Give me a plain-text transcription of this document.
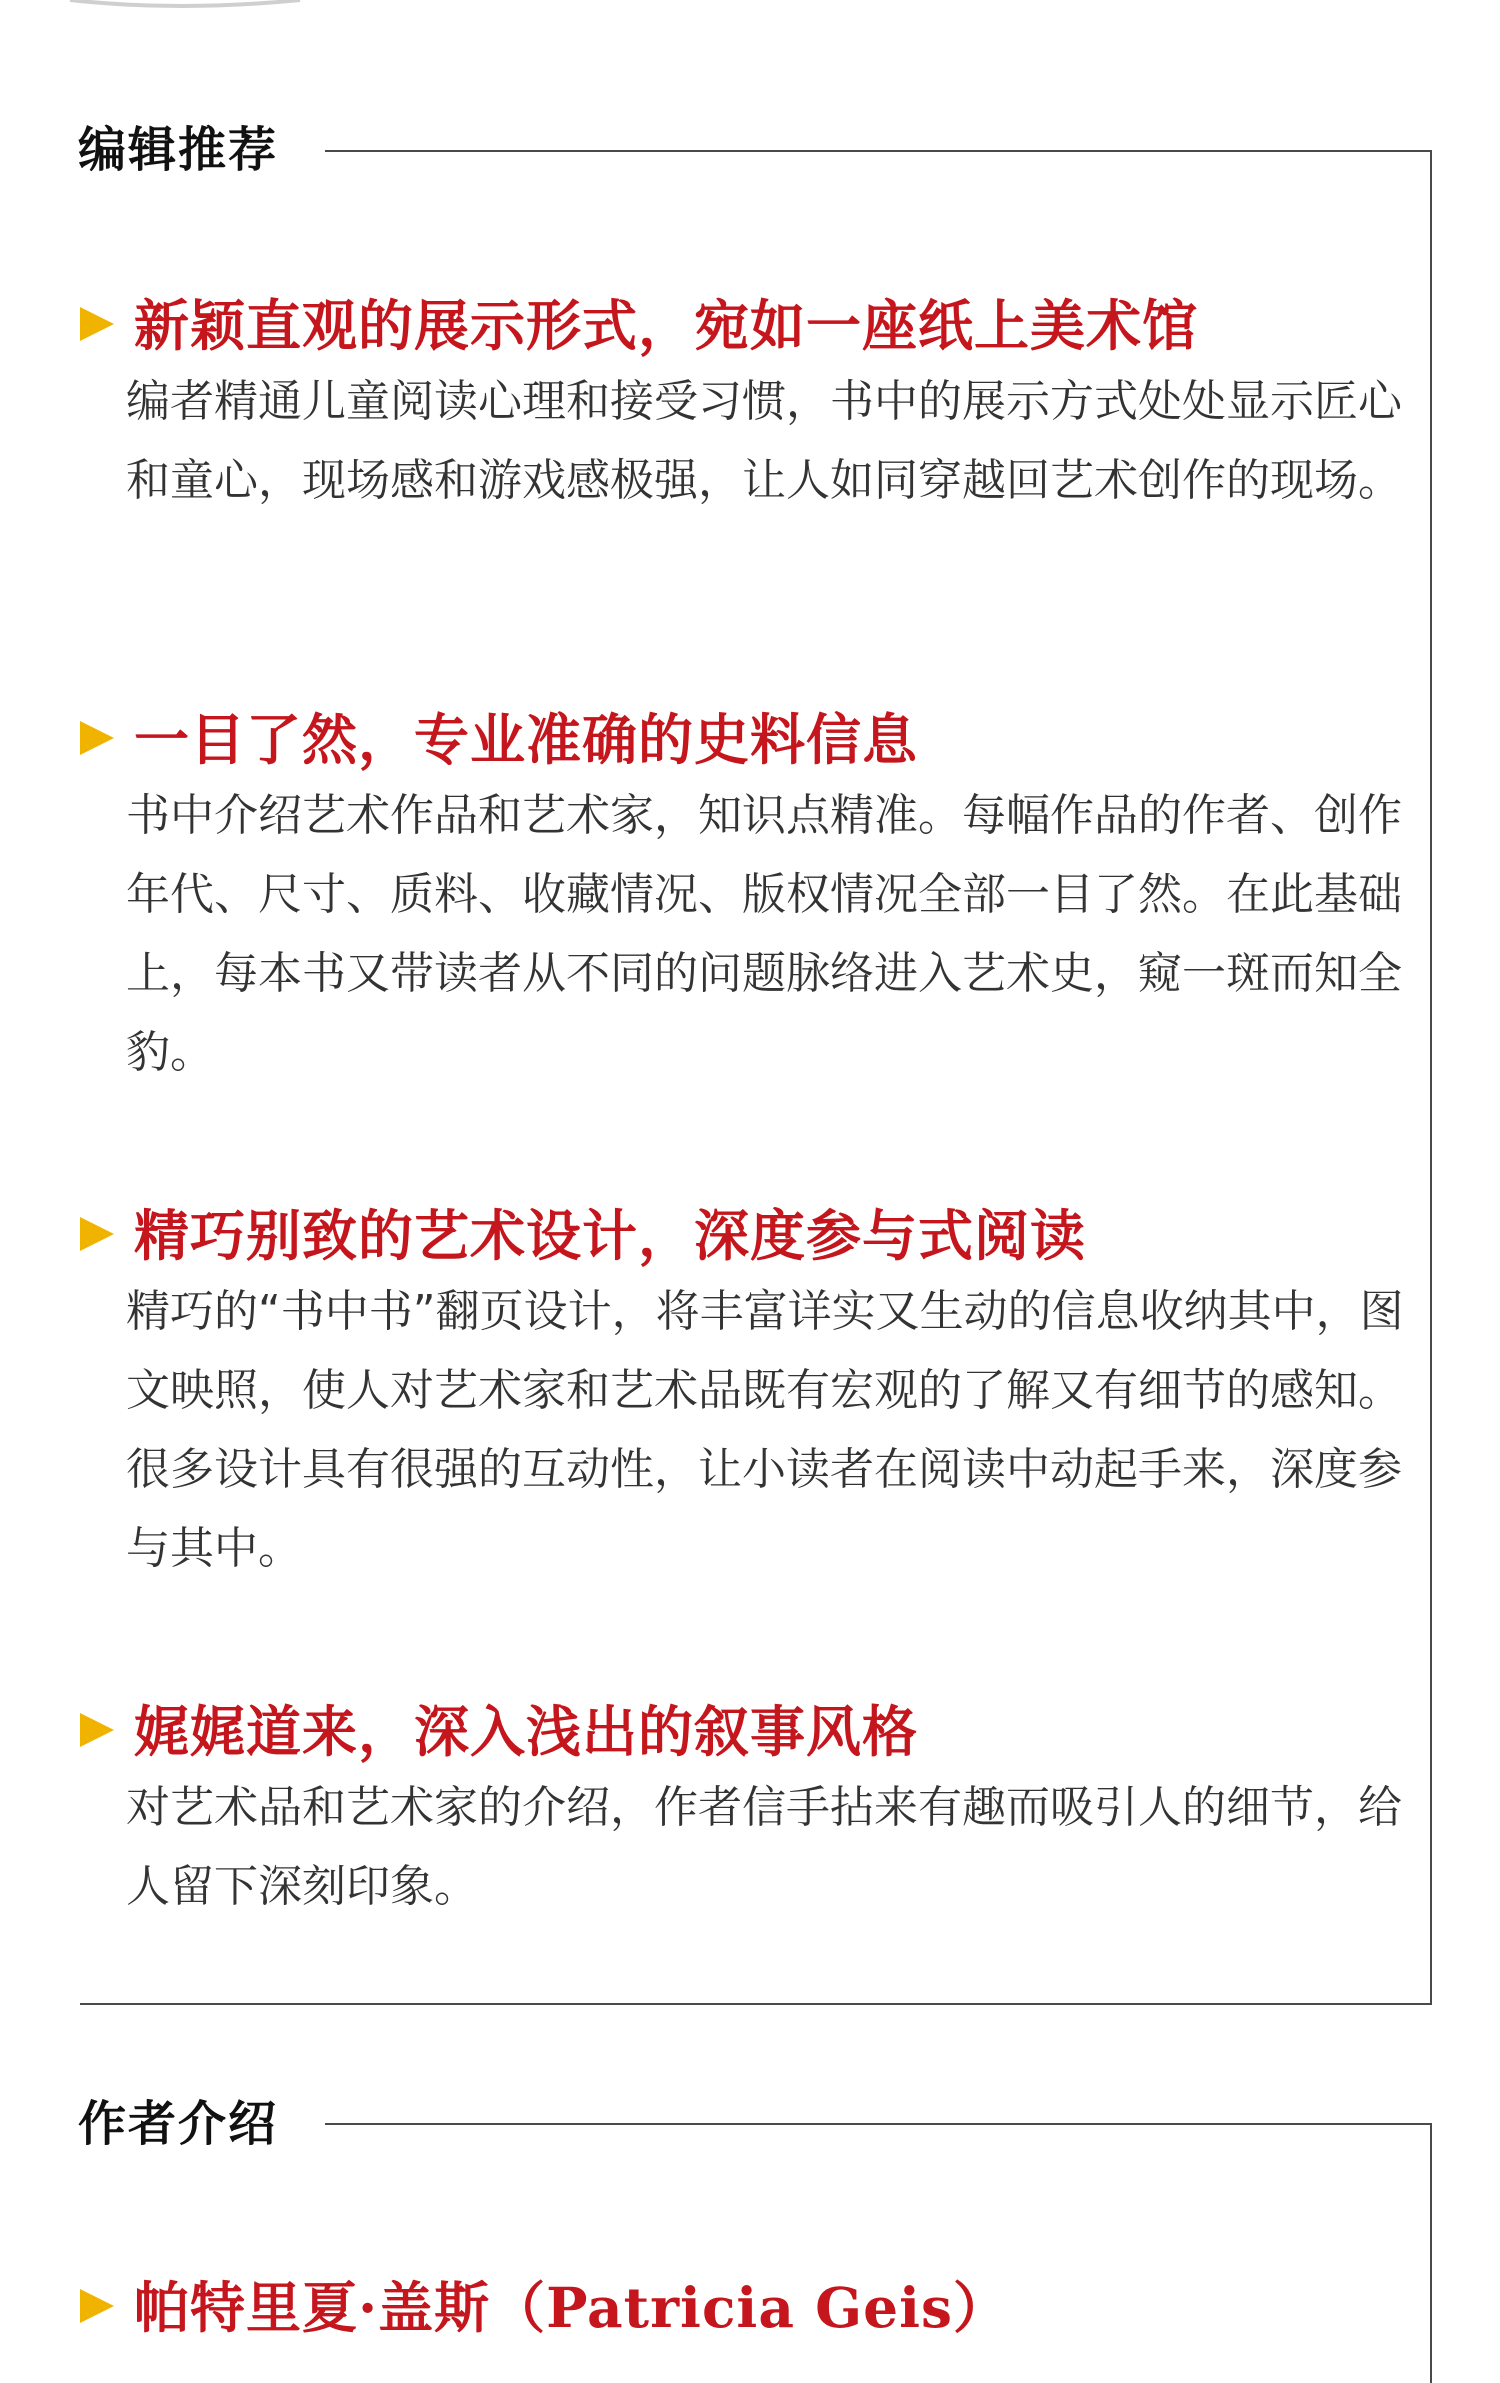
编辑推荐
新颖直观的展示形式，宛如一座纸上美术馆
编者精通儿童阅读心理和接受习惯，书中的展示方式处处显示匠心和童心，现场感和游戏感极强，让人如同穿越回艺术创作的现场。
一目了然，专业准确的史料信息
书中介绍艺术作品和艺术家，知识点精准。每幅作品的作者、创作年代、尺寸、质料、收藏情况、版权情况全部一目了然。在此基础上，每本书又带读者从不同的问题脉络进入艺术史，窥一斑而知全豹。
精巧别致的艺术设计，深度参与式阅读
精巧的“书中书”翻页设计，将丰富详实又生动的信息收纳其中，图文映照，使人对艺术家和艺术品既有宏观的了解又有细节的感知。很多设计具有很强的互动性，让小读者在阅读中动起手来，深度参与其中。
娓娓道来，深入浅出的叙事风格
对艺术品和艺术家的介绍，作者信手拈来有趣而吸引人的细节，给人留下深刻印象。
作者介绍
帕特里夏·盖斯（Patricia Geis）
